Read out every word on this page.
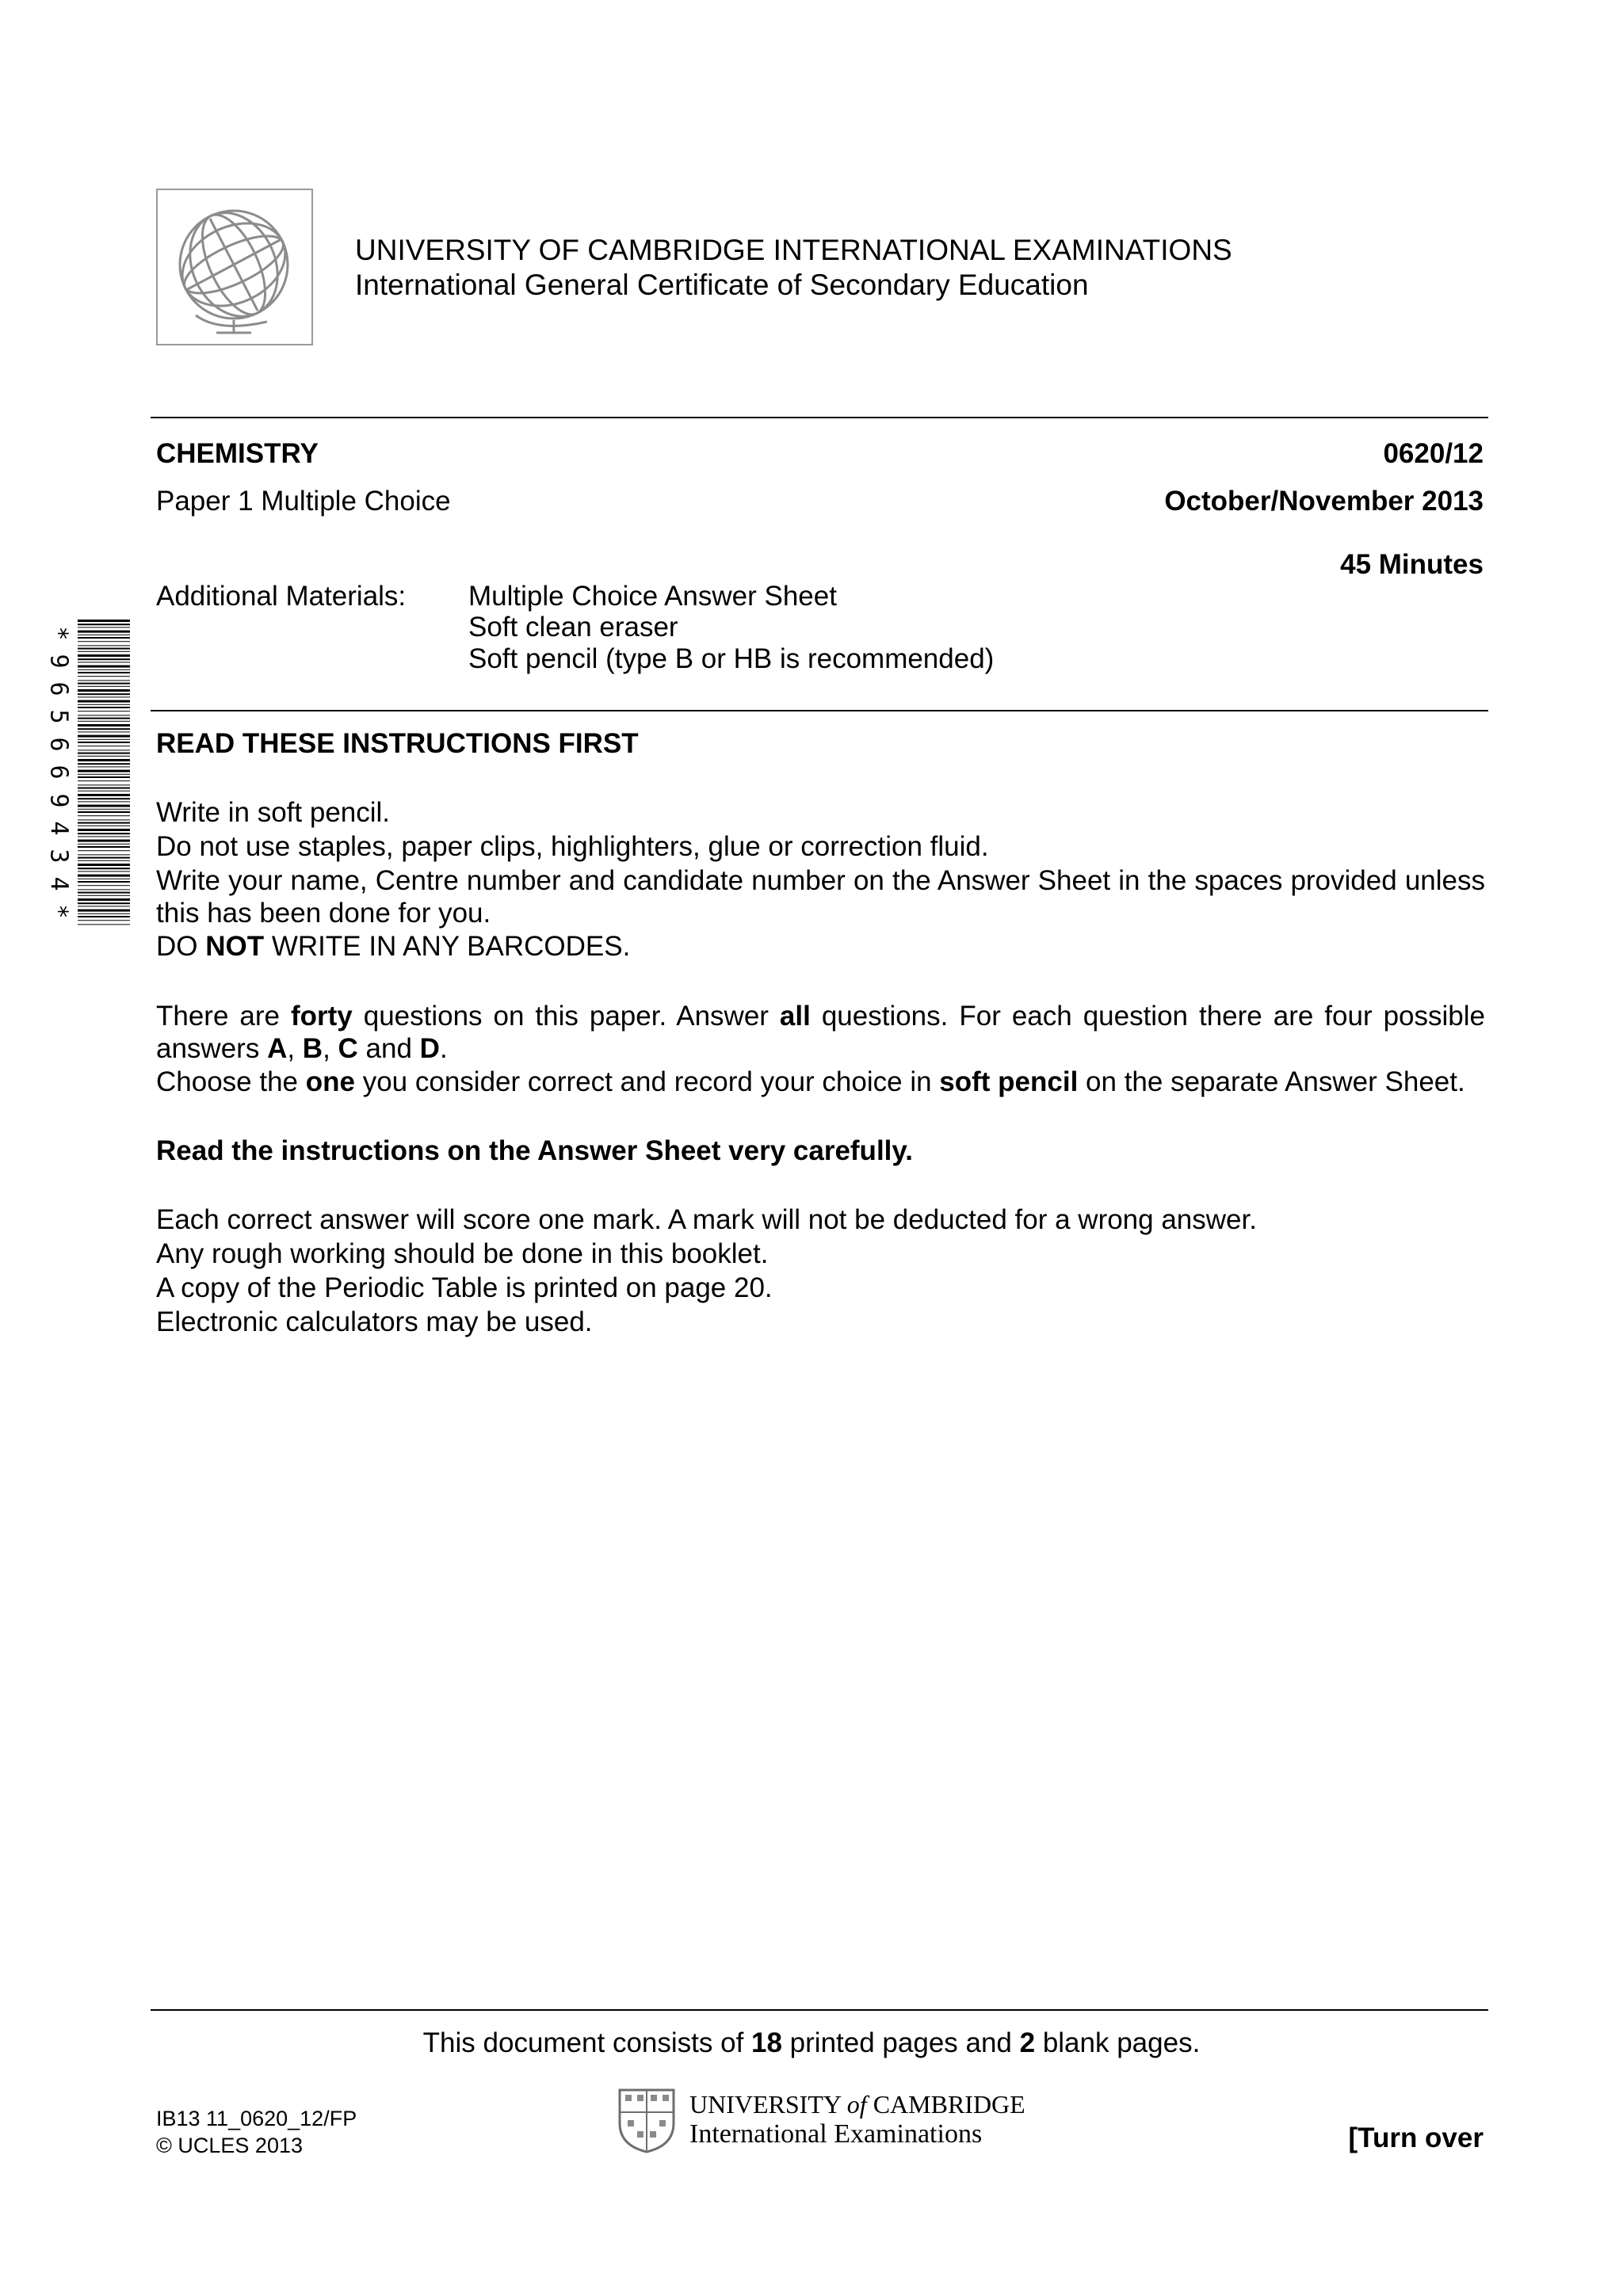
UNIVERSITY OF CAMBRIDGE INTERNATIONAL EXAMINATIONS
International General Certificate of Secondary Education
CHEMISTRY	0620/12
Paper 1 Multiple Choice	October/November 2013
45 Minutes
Additional Materials: Multiple Choice Answer Sheet
Soft clean eraser
Soft pencil (type B or HB is recommended)
*
9
6
5
6
6
9
4
3
4
*
READ THESE INSTRUCTIONS FIRST
Write in soft pencil.
Do not use staples, paper clips, highlighters, glue or correction fluid.
Write your name, Centre number and candidate number on the Answer Sheet in the spaces provided unless this has been done for you.
DO NOT WRITE IN ANY BARCODES.
There are forty questions on this paper. Answer all questions. For each question there are four possible answers A, B, C and D.
Choose the one you consider correct and record your choice in soft pencil on the separate Answer Sheet.
Read the instructions on the Answer Sheet very carefully.
Each correct answer will score one mark. A mark will not be deducted for a wrong answer.
Any rough working should be done in this booklet.
A copy of the Periodic Table is printed on page 20.
Electronic calculators may be used.
This document consists of 18 printed pages and 2 blank pages.
IB13 11_0620_12/FP
© UCLES 2013
UNIVERSITY of CAMBRIDGE
International Examinations	[Turn over
